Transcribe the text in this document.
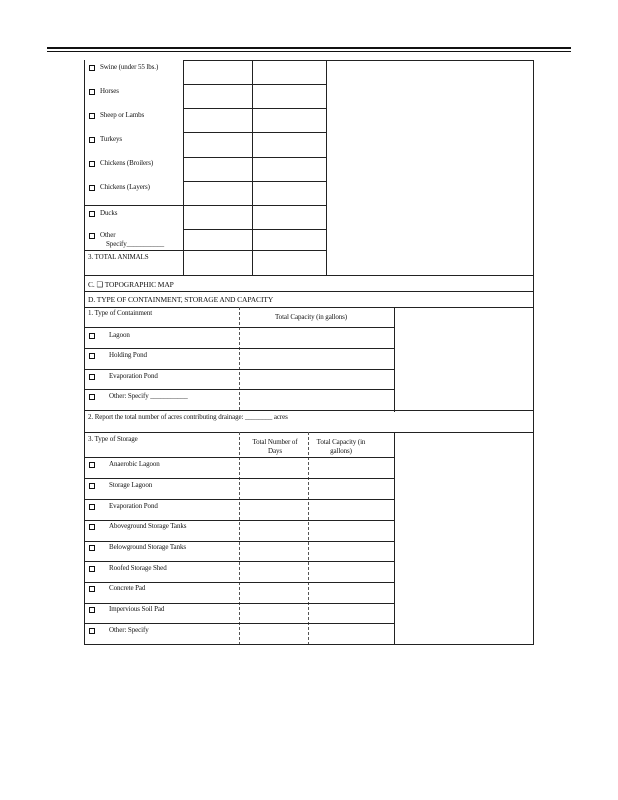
Swine (under 55 lbs.)
Horses
Sheep or Lambs
Turkeys
Chickens (Broilers)
Chickens (Layers)
Ducks
Other
Specify___________
3. TOTAL ANIMALS
C. ❑ TOPOGRAPHIC MAP
D. TYPE OF CONTAINMENT, STORAGE AND CAPACITY
1. Type of Containment	Total Capacity (in gallons)
Lagoon
Holding Pond
Evaporation Pond
Other: Specify ___________
2. Report the total number of acres contributing drainage: ________ acres
3. Type of Storage	Total Number of Days
Total Capacity (in gallons)
Anaerobic Lagoon
Storage Lagoon
Evaporation Pond
Aboveground Storage Tanks
Belowground Storage Tanks
Roofed Storage Shed
Concrete Pad
Impervious Soil Pad
Other: Specify
